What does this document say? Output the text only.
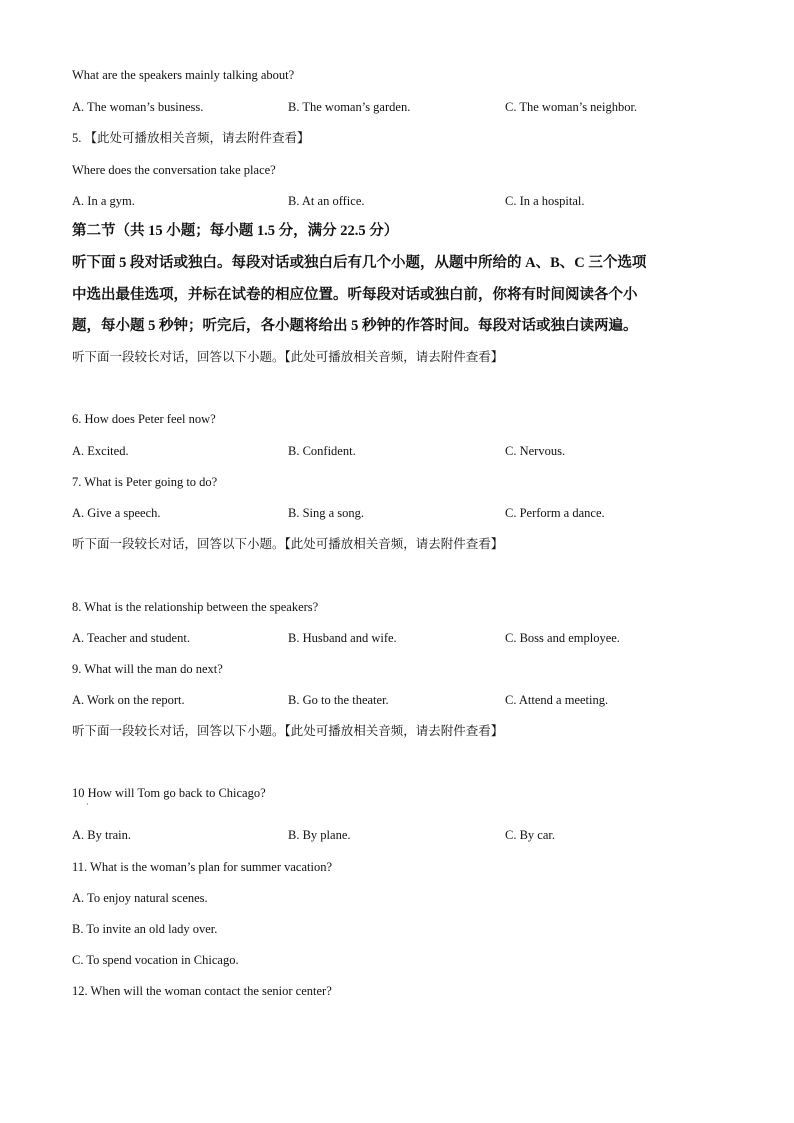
What are the speakers mainly talking about?
A. The woman’s business.	B. The woman’s garden.	C. The woman’s neighbor.
5. 【此处可播放相关音频，请去附件查看】
Where does the conversation take place?
A. In a gym.	B. At an office.	C. In a hospital.
第二节（共 15 小题；每小题 1.5 分，满分 22.5 分）
听下面 5 段对话或独白。每段对话或独白后有几个小题，从题中所给的 A、B、C 三个选项
中选出最佳选项，并标在试卷的相应位置。听每段对话或独白前，你将有时间阅读各个小
题，每小题 5 秒钟；听完后，各小题将给出 5 秒钟的作答时间。每段对话或独白读两遍。
听下面一段较长对话，回答以下小题。【此处可播放相关音频，请去附件查看】
6. How does Peter feel now?
A. Excited.	B. Confident.	C. Nervous.
7. What is Peter going to do?
A. Give a speech.	B. Sing a song.	C. Perform a dance.
听下面一段较长对话，回答以下小题。【此处可播放相关音频，请去附件查看】
8. What is the relationship between the speakers?
A. Teacher and student.	B. Husband and wife.	C. Boss and employee.
9. What will the man do next?
A. Work on the report.	B. Go to the theater.	C. Attend a meeting.
听下面一段较长对话，回答以下小题。【此处可播放相关音频，请去附件查看】
10 How will Tom go back to Chicago?
·
A. By train.	B. By plane.	C. By car.
11. What is the woman’s plan for summer vacation?
A. To enjoy natural scenes.
B. To invite an old lady over.
C. To spend vocation in Chicago.
12. When will the woman contact the senior center?
